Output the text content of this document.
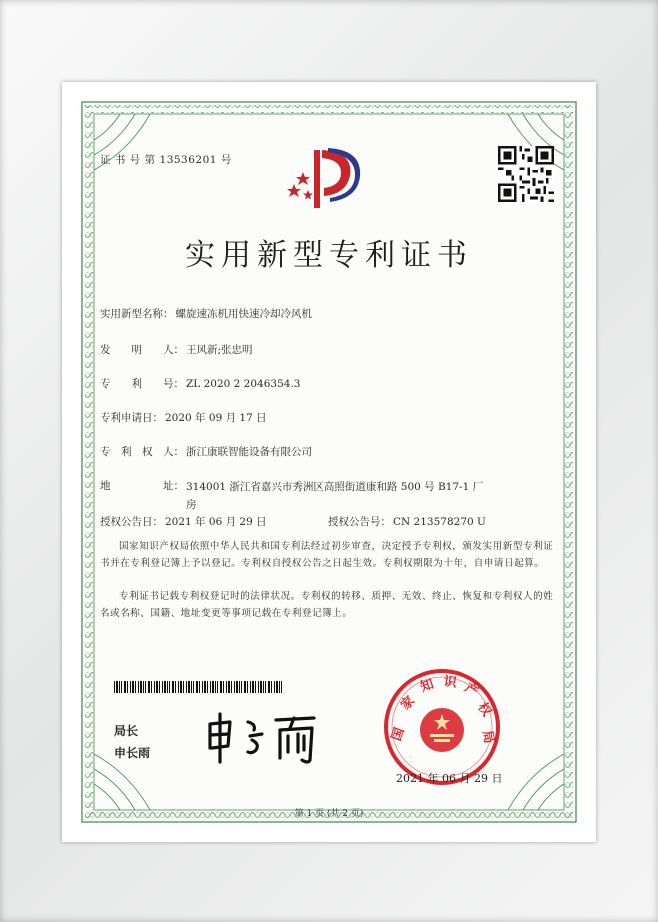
证 书 号 第 13536201 号
实用新型专利证书
实用新型名称： 螺旋速冻机用快速冷却冷风机
发　　明　　人： 王风新;张忠明
专　　利　　号： ZL 2020 2 2046354.3
专利申请日： 2020 年 09 月 17 日
专　利　权　人： 浙江康联智能设备有限公司
地　　　　　址： 314001 浙江省嘉兴市秀洲区高照街道康和路 500 号 B17-1 厂房
授权公告日： 2021 年 06 月 29 日	授权公告号： CN 213578270 U
国家知识产权局依照中华人民共和国专利法经过初步审查，决定授予专利权，颁发实用新型专利证书并在专利登记簿上予以登记。专利权自授权公告之日起生效。专利权期限为十年，自申请日起算。
专利证书记载专利权登记时的法律状况。专利权的转移、质押、无效、终止、恢复和专利权人的姓名或名称、国籍、地址变更等事项记载在专利登记簿上。
局长
申长雨
国
家
知 识 产
权
局
2021 年 06 月 29 日
第 1 页 (共 2 页)
